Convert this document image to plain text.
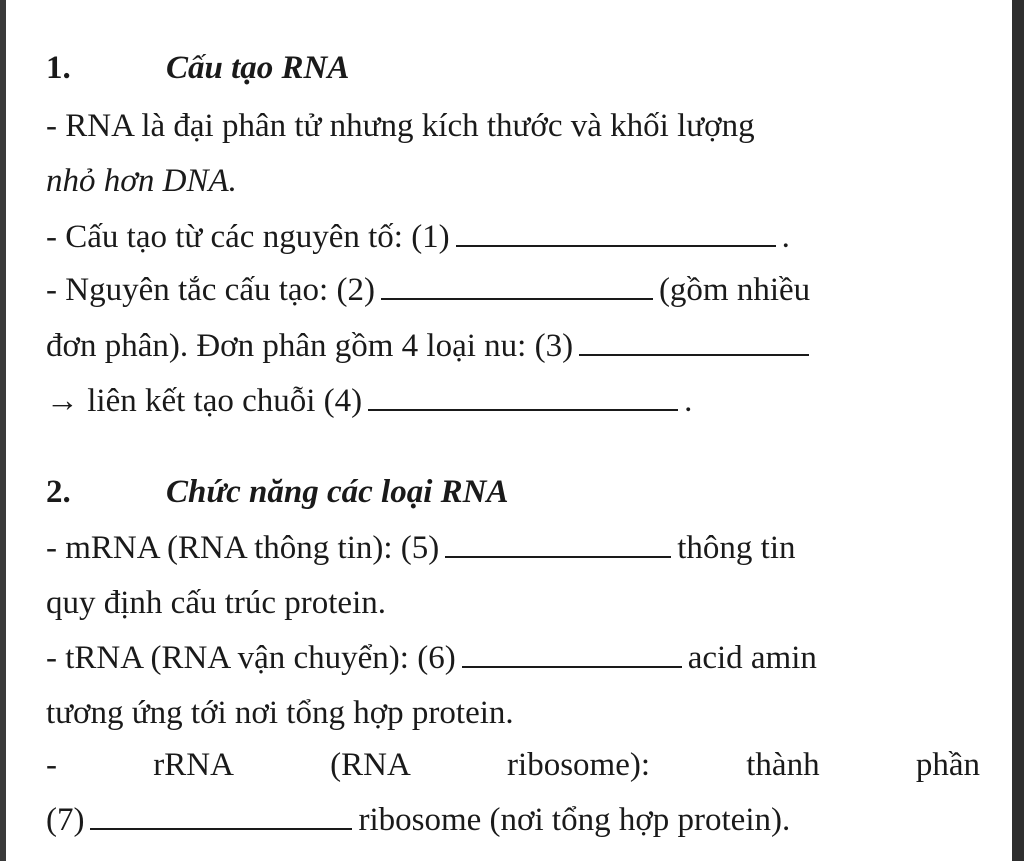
1.	Cấu tạo RNA
- RNA là đại phân tử nhưng kích thước và khối lượng
nhỏ hơn DNA.
- Cấu tạo từ các nguyên tố: (1)	.
- Nguyên tắc cấu tạo: (2)	(gồm nhiều
đơn phân). Đơn phân gồm 4 loại nu: (3)
→ liên kết tạo chuỗi (4)	.
2.	Chức năng các loại RNA
- mRNA (RNA thông tin): (5)	thông tin
quy định cấu trúc protein.
- tRNA (RNA vận chuyển): (6)	acid amin
tương ứng tới nơi tổng hợp protein.
-	rRNA	(RNA	ribosome):	thành	phần
(7)	ribosome (nơi tổng hợp protein).
